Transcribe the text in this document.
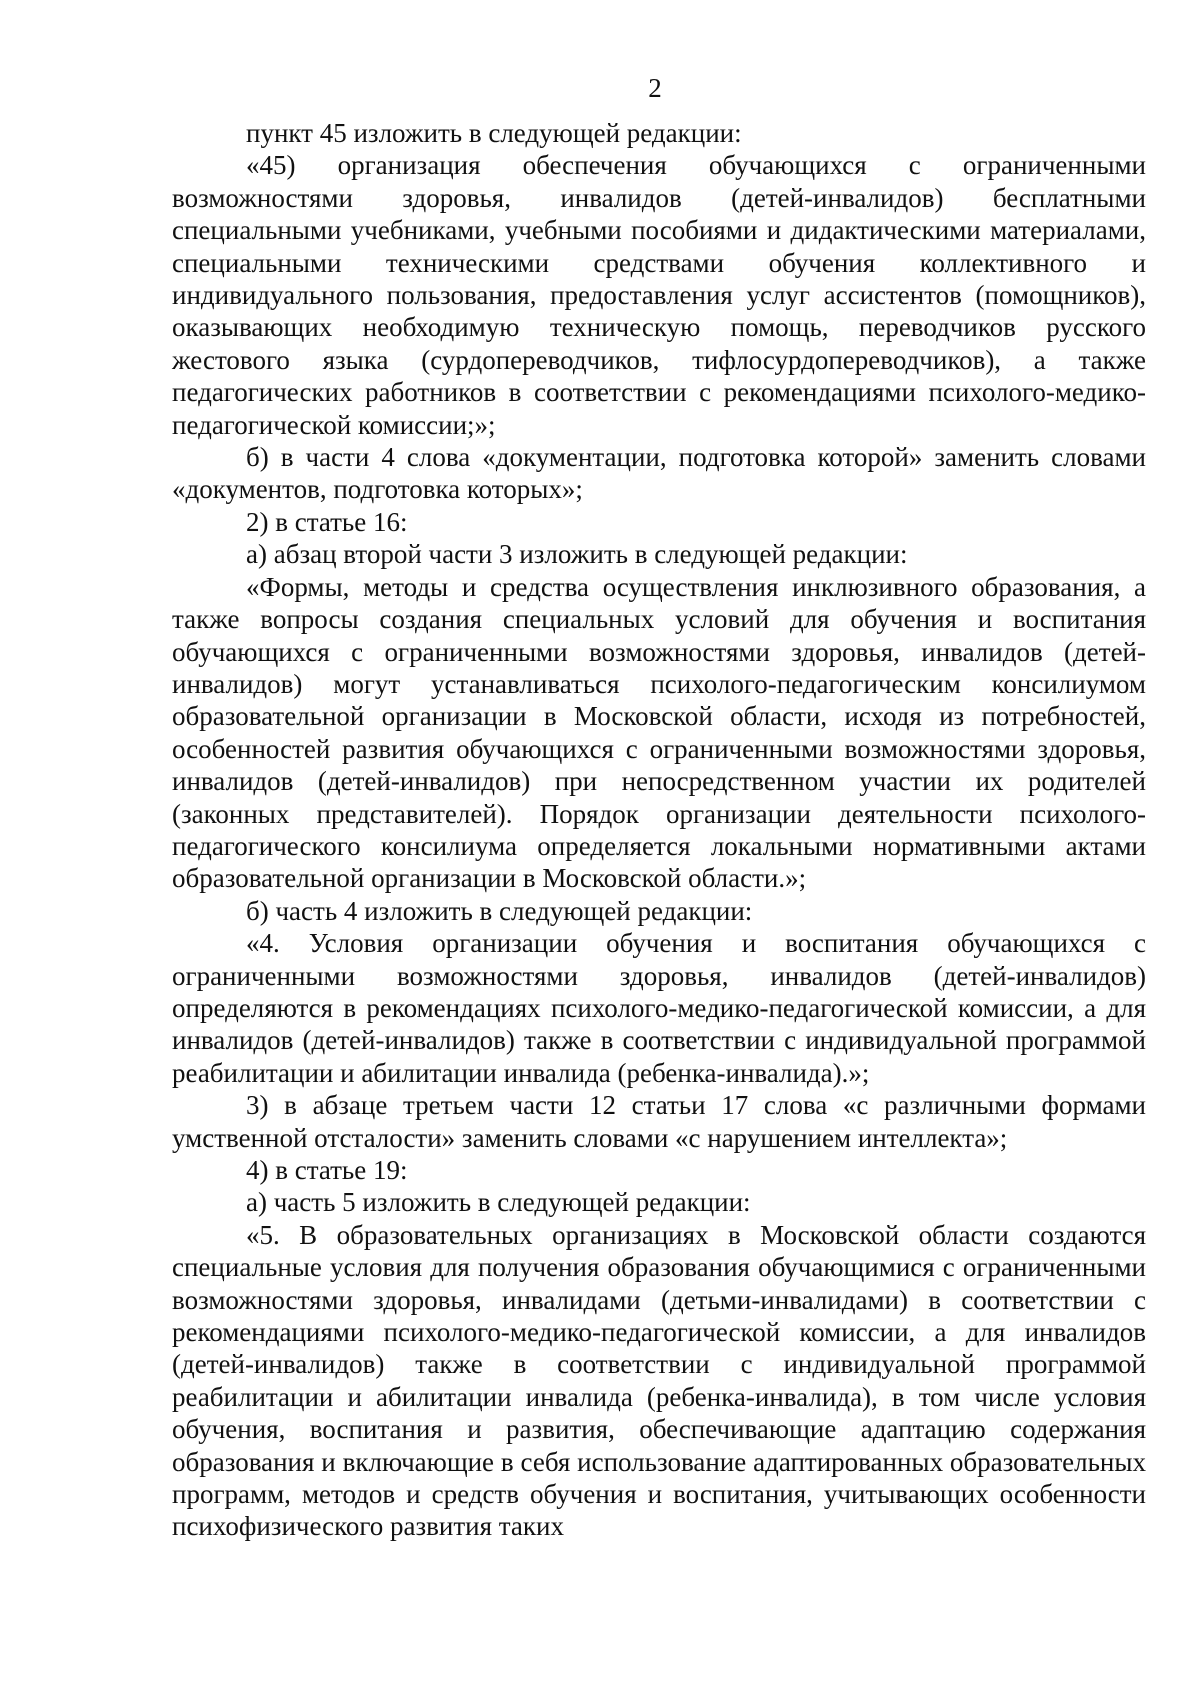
2

пункт 45 изложить в следующей редакции:

«45) организация обеспечения обучающихся с ограниченными возможностями здоровья, инвалидов (детей-инвалидов) бесплатными специальными учебниками, учебными пособиями и дидактическими материалами, специальными техническими средствами обучения коллективного и индивидуального пользования, предоставления услуг ассистентов (помощников), оказывающих необходимую техническую помощь, переводчиков русского жестового языка (сурдопереводчиков, тифлосурдопереводчиков), а также педагогических работников в соответствии с рекомендациями психолого-медико-педагогической комиссии;»;

б) в части 4 слова «документации, подготовка которой» заменить словами «документов, подготовка которых»;

2) в статье 16:

а) абзац второй части 3 изложить в следующей редакции:

«Формы, методы и средства осуществления инклюзивного образования, а также вопросы создания специальных условий для обучения и воспитания обучающихся с ограниченными возможностями здоровья, инвалидов (детей-инвалидов) могут устанавливаться психолого-педагогическим консилиумом образовательной организации в Московской области, исходя из потребностей, особенностей развития обучающихся с ограниченными возможностями здоровья, инвалидов (детей-инвалидов) при непосредственном участии их родителей (законных представителей). Порядок организации деятельности психолого-педагогического консилиума определяется локальными нормативными актами образовательной организации в Московской области.»;

б) часть 4 изложить в следующей редакции:

«4. Условия организации обучения и воспитания обучающихся с ограниченными возможностями здоровья, инвалидов (детей-инвалидов) определяются в рекомендациях психолого-медико-педагогической комиссии, а для инвалидов (детей-инвалидов) также в соответствии с индивидуальной программой реабилитации и абилитации инвалида (ребенка-инвалида).»;

3) в абзаце третьем части 12 статьи 17 слова «с различными формами умственной отсталости» заменить словами «с нарушением интеллекта»;

4) в статье 19:

а) часть 5 изложить в следующей редакции:

«5. В образовательных организациях в Московской области создаются специальные условия для получения образования обучающимися с ограниченными возможностями здоровья, инвалидами (детьми-инвалидами) в соответствии с рекомендациями психолого-медико-педагогической комиссии, а для инвалидов (детей-инвалидов) также в соответствии с индивидуальной программой реабилитации и абилитации инвалида (ребенка-инвалида), в том числе условия обучения, воспитания и развития, обеспечивающие адаптацию содержания образования и включающие в себя использование адаптированных образовательных программ, методов и средств обучения и воспитания, учитывающих особенности психофизического развития таких
